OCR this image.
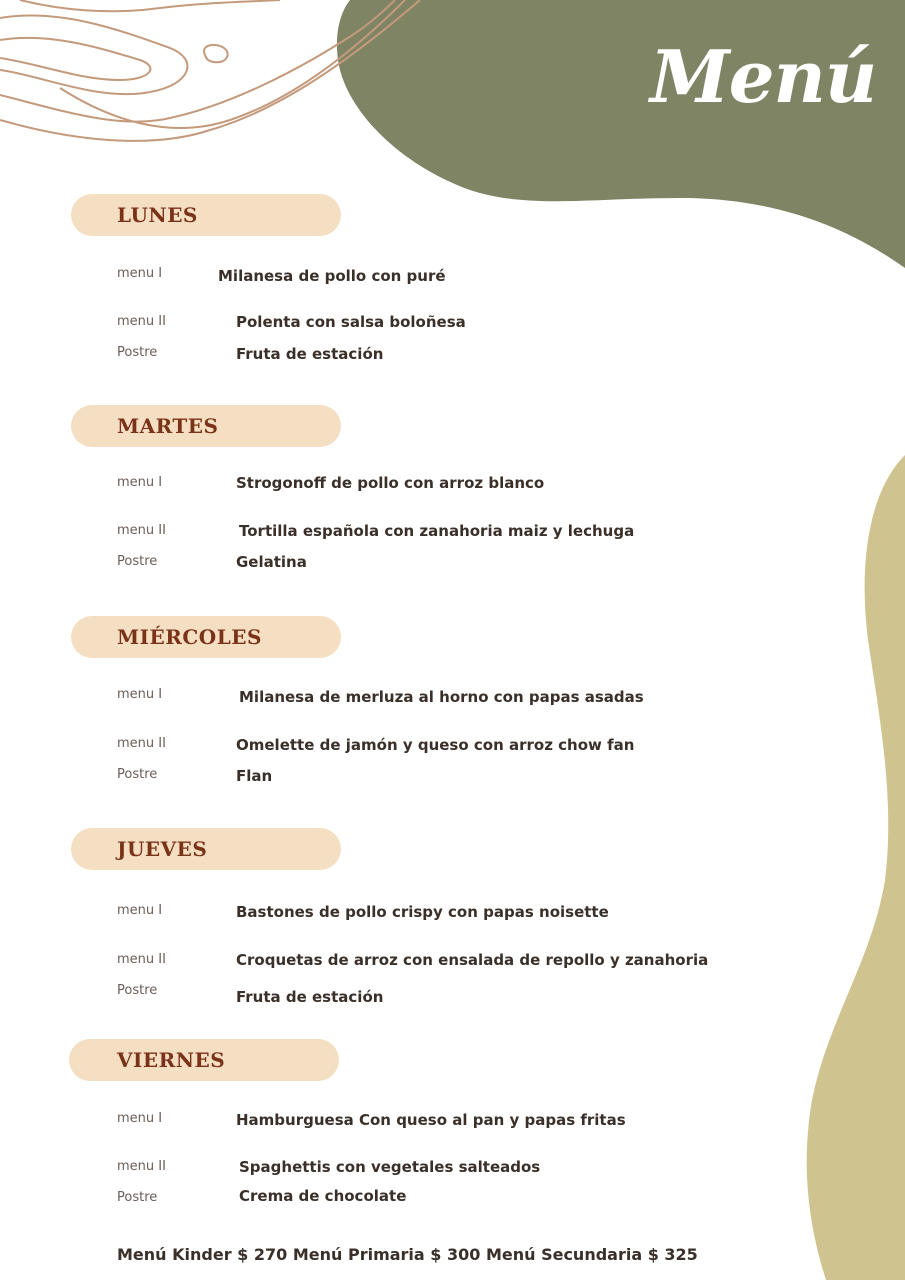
Menú
LUNES
menu I	Milanesa de pollo con puré
menu II	Polenta con salsa boloñesa
Postre	Fruta de estación
MARTES
menu I	Strogonoff de pollo con arroz blanco
menu II	Tortilla española con zanahoria maiz y lechuga
Postre	Gelatina
MIÉRCOLES
menu I	Milanesa de merluza al horno con papas asadas
menu II	Omelette de jamón y queso con arroz chow fan
Postre	Flan
JUEVES
menu I	Bastones de pollo crispy con papas noisette
menu II	Croquetas de arroz con ensalada de repollo y zanahoria
Postre	Fruta de estación
VIERNES
menu I	Hamburguesa Con queso al pan y papas fritas
menu II	Spaghettis con vegetales salteados
Postre	Crema de chocolate
Menú Kinder $ 270 Menú Primaria $ 300 Menú Secundaria $ 325
